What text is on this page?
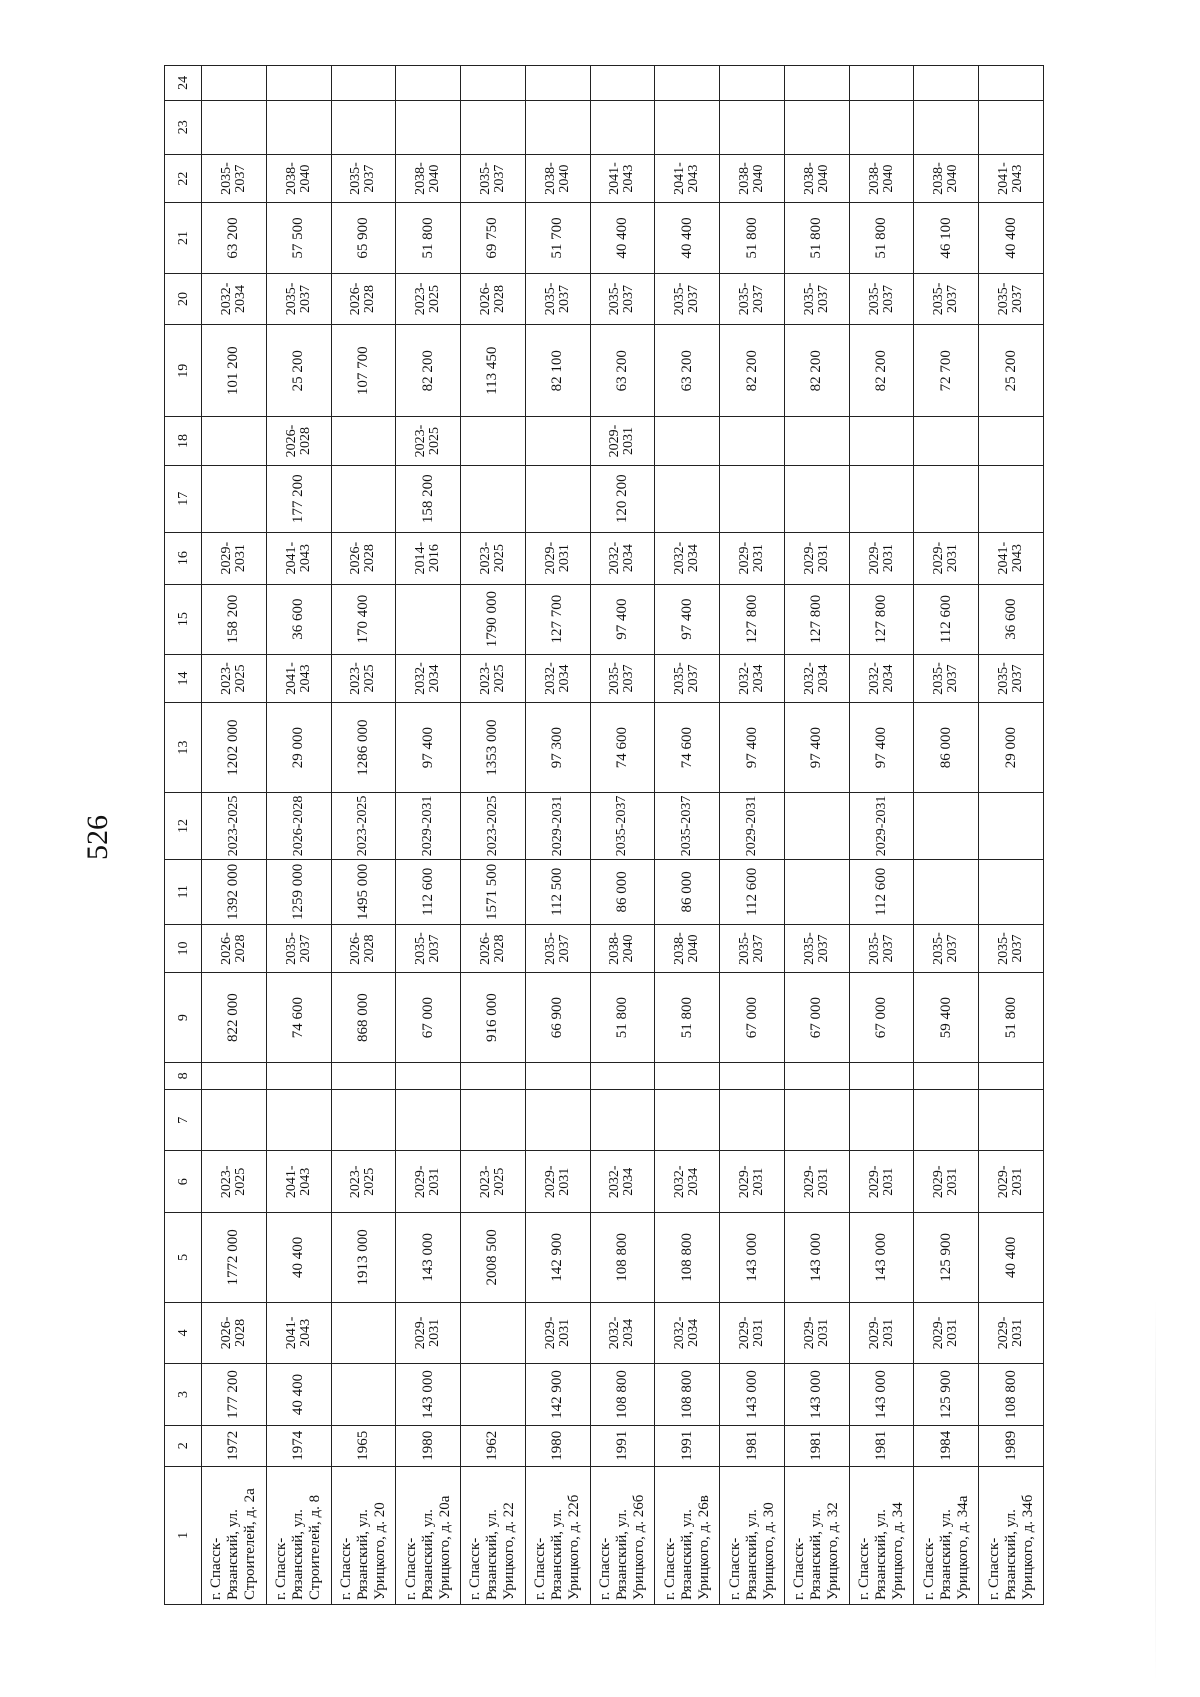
526
1	2	3	4	5	6	7	8	9	10	11	12	13	14	15	16	17	18	19	20	21	22	23	24
г. Спасск-Рязанский, ул. Строителей, д. 2а	1972	177 200	2026-2028	1772 000	2023-2025			822 000	2026-2028	1392 000	2023-2025	1202 000	2023-2025	158 200	2029-2031			101 200	2032-2034	63 200	2035-2037		
г. Спасск-Рязанский, ул. Строителей, д. 8	1974	40 400	2041-2043	40 400	2041-2043			74 600	2035-2037	1259 000	2026-2028	29 000	2041-2043	36 600	2041-2043	177 200	2026-2028	25 200	2035-2037	57 500	2038-2040		
г. Спасск-Рязанский, ул. Урицкого, д. 20	1965			1913 000	2023-2025			868 000	2026-2028	1495 000	2023-2025	1286 000	2023-2025	170 400	2026-2028			107 700	2026-2028	65 900	2035-2037		
г. Спасск-Рязанский, ул. Урицкого, д. 20а	1980	143 000	2029-2031	143 000	2029-2031			67 000	2035-2037	112 600	2029-2031	97 400	2032-2034		2014-2016	158 200	2023-2025	82 200	2023-2025	51 800	2038-2040		
г. Спасск-Рязанский, ул. Урицкого, д. 22	1962			2008 500	2023-2025			916 000	2026-2028	1571 500	2023-2025	1353 000	2023-2025	1790 000	2023-2025			113 450	2026-2028	69 750	2035-2037		
г. Спасск-Рязанский, ул. Урицкого, д. 22б	1980	142 900	2029-2031	142 900	2029-2031			66 900	2035-2037	112 500	2029-2031	97 300	2032-2034	127 700	2029-2031			82 100	2035-2037	51 700	2038-2040		
г. Спасск-Рязанский, ул. Урицкого, д. 26б	1991	108 800	2032-2034	108 800	2032-2034			51 800	2038-2040	86 000	2035-2037	74 600	2035-2037	97 400	2032-2034	120 200	2029-2031	63 200	2035-2037	40 400	2041-2043		
г. Спасск-Рязанский, ул. Урицкого, д. 26в	1991	108 800	2032-2034	108 800	2032-2034			51 800	2038-2040	86 000	2035-2037	74 600	2035-2037	97 400	2032-2034			63 200	2035-2037	40 400	2041-2043		
г. Спасск-Рязанский, ул. Урицкого, д. 30	1981	143 000	2029-2031	143 000	2029-2031			67 000	2035-2037	112 600	2029-2031	97 400	2032-2034	127 800	2029-2031			82 200	2035-2037	51 800	2038-2040		
г. Спасск-Рязанский, ул. Урицкого, д. 32	1981	143 000	2029-2031	143 000	2029-2031			67 000	2035-2037			97 400	2032-2034	127 800	2029-2031			82 200	2035-2037	51 800	2038-2040		
г. Спасск-Рязанский, ул. Урицкого, д. 34	1981	143 000	2029-2031	143 000	2029-2031			67 000	2035-2037	112 600	2029-2031	97 400	2032-2034	127 800	2029-2031			82 200	2035-2037	51 800	2038-2040		
г. Спасск-Рязанский, ул. Урицкого, д. 34а	1984	125 900	2029-2031	125 900	2029-2031			59 400	2035-2037			86 000	2035-2037	112 600	2029-2031			72 700	2035-2037	46 100	2038-2040		
г. Спасск-Рязанский, ул. Урицкого, д. 34б	1989	108 800	2029-2031	40 400	2029-2031			51 800	2035-2037			29 000	2035-2037	36 600	2041-2043			25 200	2035-2037	40 400	2041-2043		
